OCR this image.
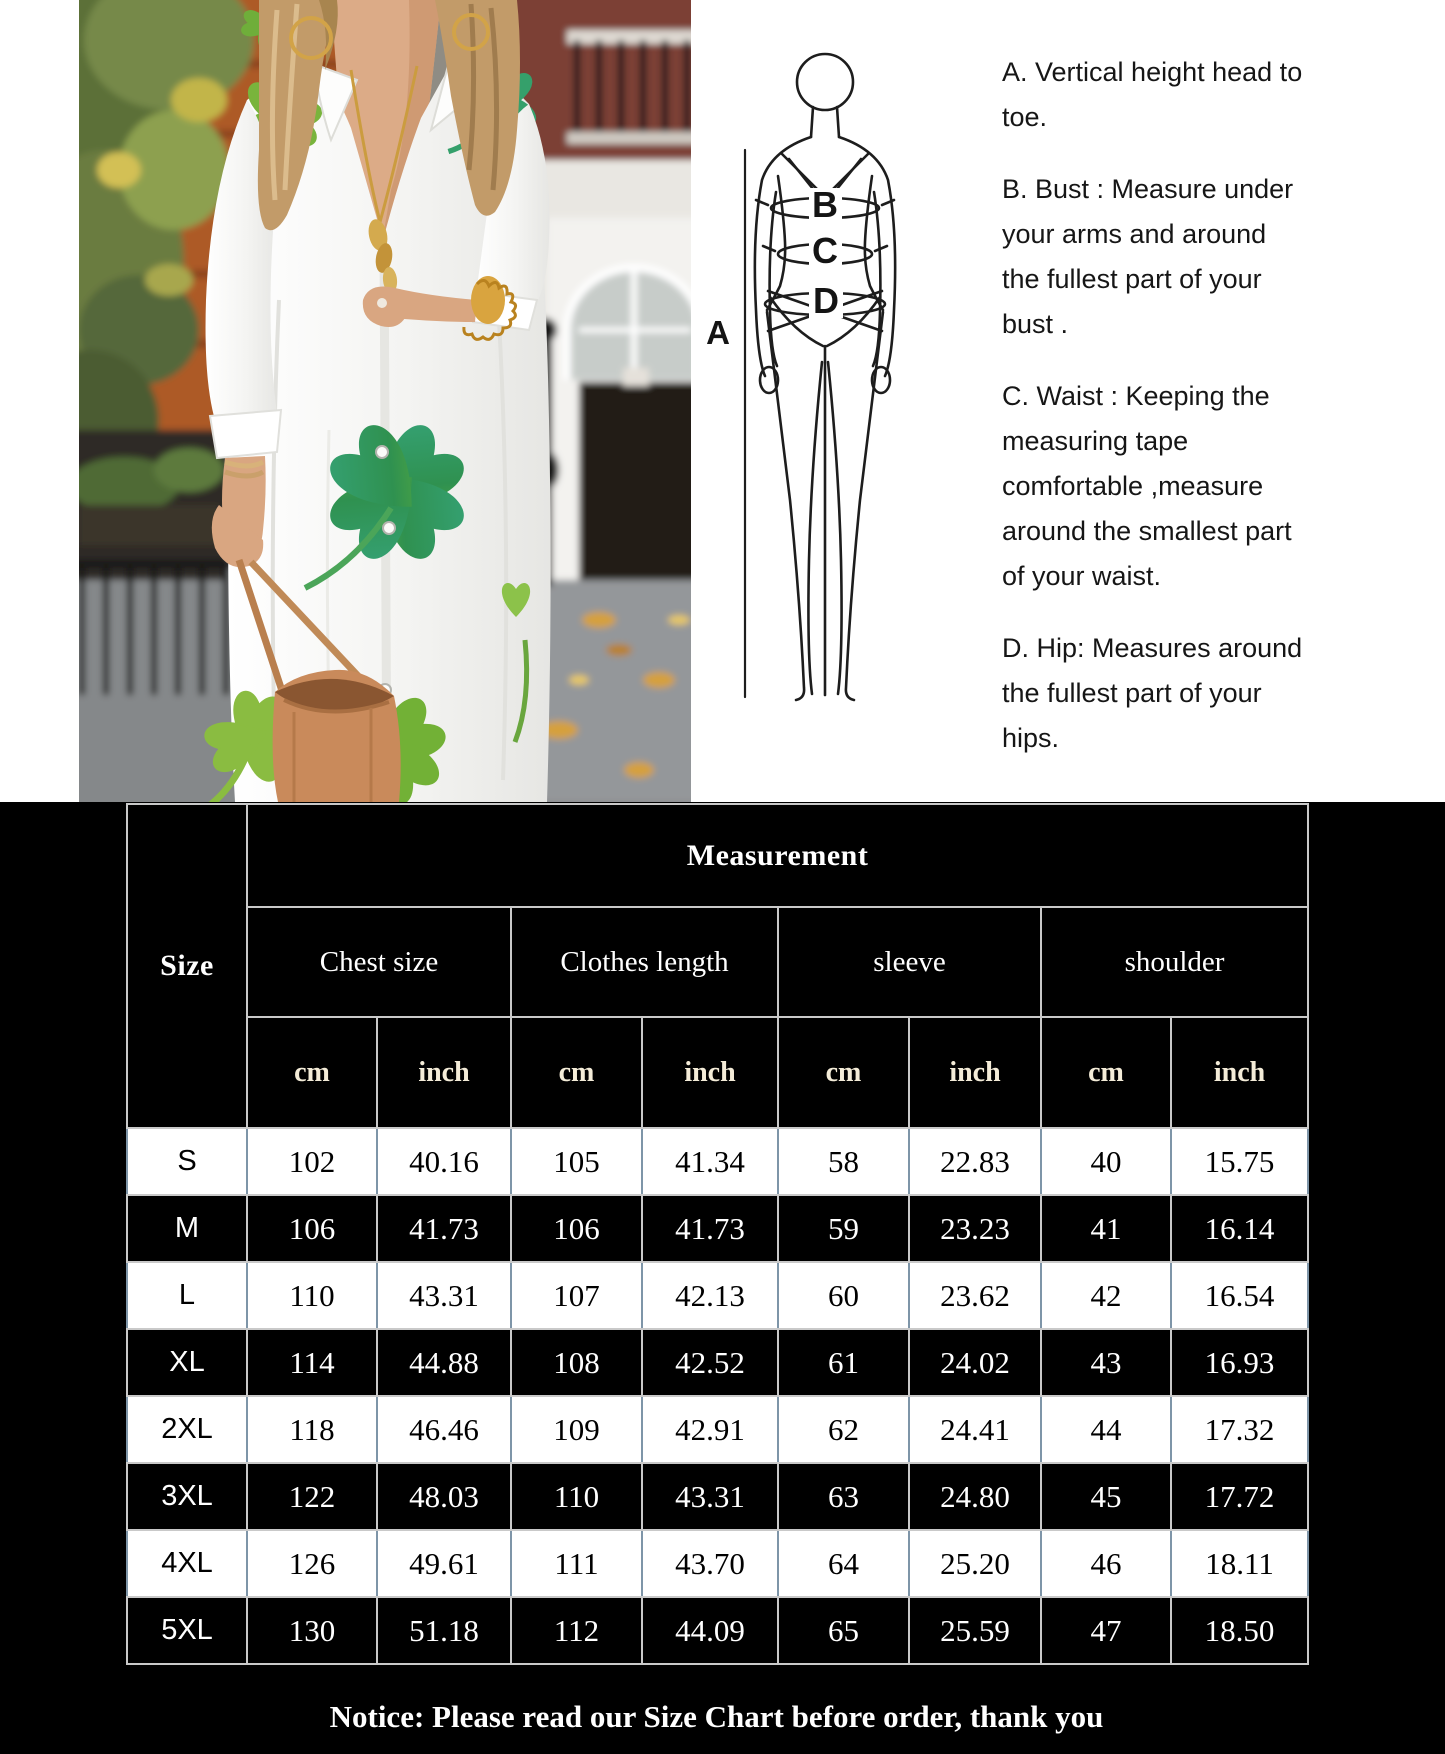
B
C
D
A

A. Vertical height head to toe.

B. Bust : Measure under your arms and around the fullest part of your bust .

C. Waist : Keeping the measuring tape comfortable ,measure around the smallest part of your waist.

D. Hip: Measures around the fullest part of your hips.

Size	Measurement							
	Chest size		Clothes length		sleeve		shoulder	
	cm	inch	cm	inch	cm	inch	cm	inch
S	102	40.16	105	41.34	58	22.83	40	15.75
M	106	41.73	106	41.73	59	23.23	41	16.14
L	110	43.31	107	42.13	60	23.62	42	16.54
XL	114	44.88	108	42.52	61	24.02	43	16.93
2XL	118	46.46	109	42.91	62	24.41	44	17.32
3XL	122	48.03	110	43.31	63	24.80	45	17.72
4XL	126	49.61	111	43.70	64	25.20	46	18.11
5XL	130	51.18	112	44.09	65	25.59	47	18.50
Notice: Please read our Size Chart before order, thank you
